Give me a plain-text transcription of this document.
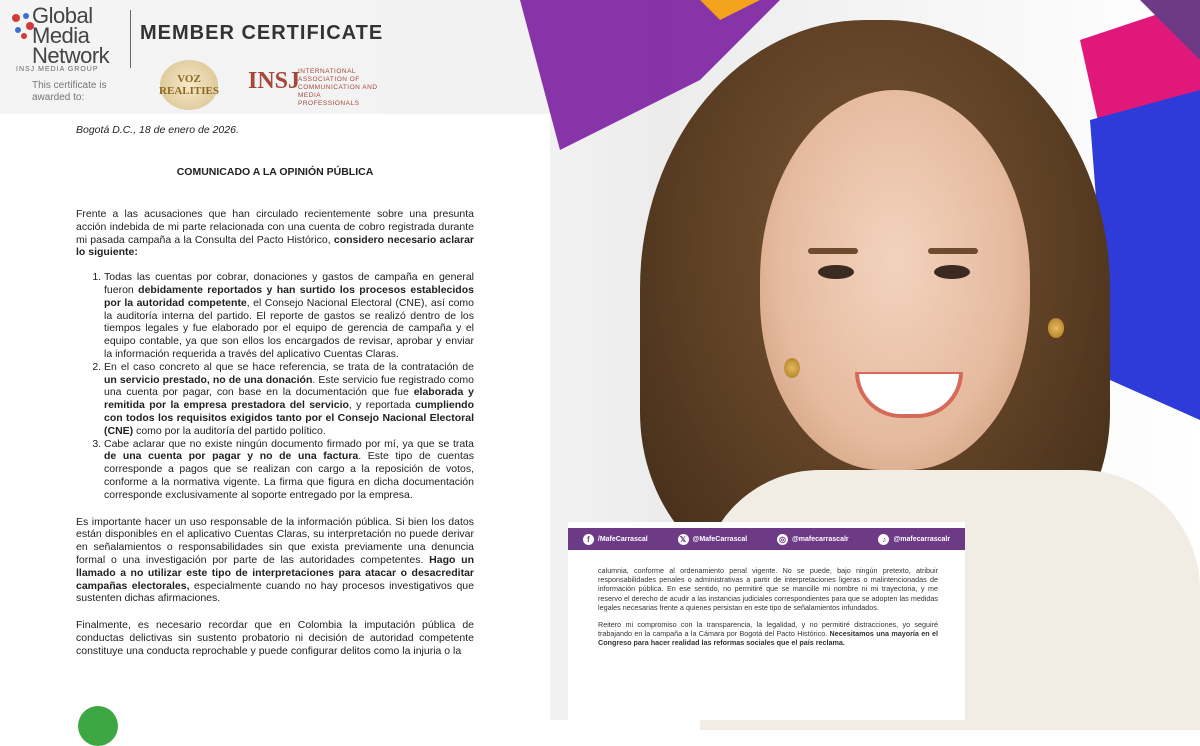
Global Media Network
INSJ MEDIA GROUP
MEMBER CERTIFICATE
This certificate is awarded to:
VOZ REALITIES INSJ
INTERNATIONAL ASSOCIATION OF COMMUNICATION AND MEDIA PROFESSIONALS

Bogotá D.C., 18 de enero de 2026.

COMUNICADO A LA OPINIÓN PÚBLICA

Frente a las acusaciones que han circulado recientemente sobre una presunta acción indebida de mi parte relacionada con una cuenta de cobro registrada durante mi pasada campaña a la Consulta del Pacto Histórico, considero necesario aclarar lo siguiente:

1. Todas las cuentas por cobrar, donaciones y gastos de campaña en general fueron debidamente reportados y han surtido los procesos establecidos por la autoridad competente, el Consejo Nacional Electoral (CNE), así como la auditoría interna del partido. El reporte de gastos se realizó dentro de los tiempos legales y fue elaborado por el equipo de gerencia de campaña y el equipo contable, ya que son ellos los encargados de revisar, aprobar y enviar la información requerida a través del aplicativo Cuentas Claras.
2. En el caso concreto al que se hace referencia, se trata de la contratación de un servicio prestado, no de una donación. Este servicio fue registrado como una cuenta por pagar, con base en la documentación que fue elaborada y remitida por la empresa prestadora del servicio, y reportada cumpliendo con todos los requisitos exigidos tanto por el Consejo Nacional Electoral (CNE) como por la auditoría del partido político.
3. Cabe aclarar que no existe ningún documento firmado por mí, ya que se trata de una cuenta por pagar y no de una factura. Este tipo de cuentas corresponde a pagos que se realizan con cargo a la reposición de votos, conforme a la normativa vigente. La firma que figura en dicha documentación corresponde exclusivamente al soporte entregado por la empresa.

Es importante hacer un uso responsable de la información pública. Si bien los datos están disponibles en el aplicativo Cuentas Claras, su interpretación no puede derivar en señalamientos o responsabilidades sin que exista previamente una denuncia formal o una investigación por parte de las autoridades competentes. Hago un llamado a no utilizar este tipo de interpretaciones para atacar o desacreditar campañas electorales, especialmente cuando no hay procesos investigativos que sustenten dichas afirmaciones.

Finalmente, es necesario recordar que en Colombia la imputación pública de conductas delictivas sin sustento probatorio ni decisión de autoridad competente constituye una conducta reprochable y puede configurar delitos como la injuria o la

f	/MafeCarrascal	𝕏 @MafeCarrascal	◎ @mafecarrascalr	♪	@mafecarrascalr

calumnia, conforme al ordenamiento penal vigente. No se puede, bajo ningún pretexto, atribuir responsabilidades penales o administrativas a partir de interpretaciones ligeras o malintencionadas de información pública. En ese sentido, no permitiré que se mancille mi nombre ni mi trayectoria, y me reservo el derecho de acudir a las instancias judiciales correspondientes para que se adopten las medidas legales necesarias frente a quienes persistan en este tipo de señalamientos infundados.

Reitero mi compromiso con la transparencia, la legalidad, y no permitiré distracciones, yo seguiré trabajando en la campaña a la Cámara por Bogotá del Pacto Histórico. Necesitamos una mayoría en el Congreso para hacer realidad las reformas sociales que el país reclama.
